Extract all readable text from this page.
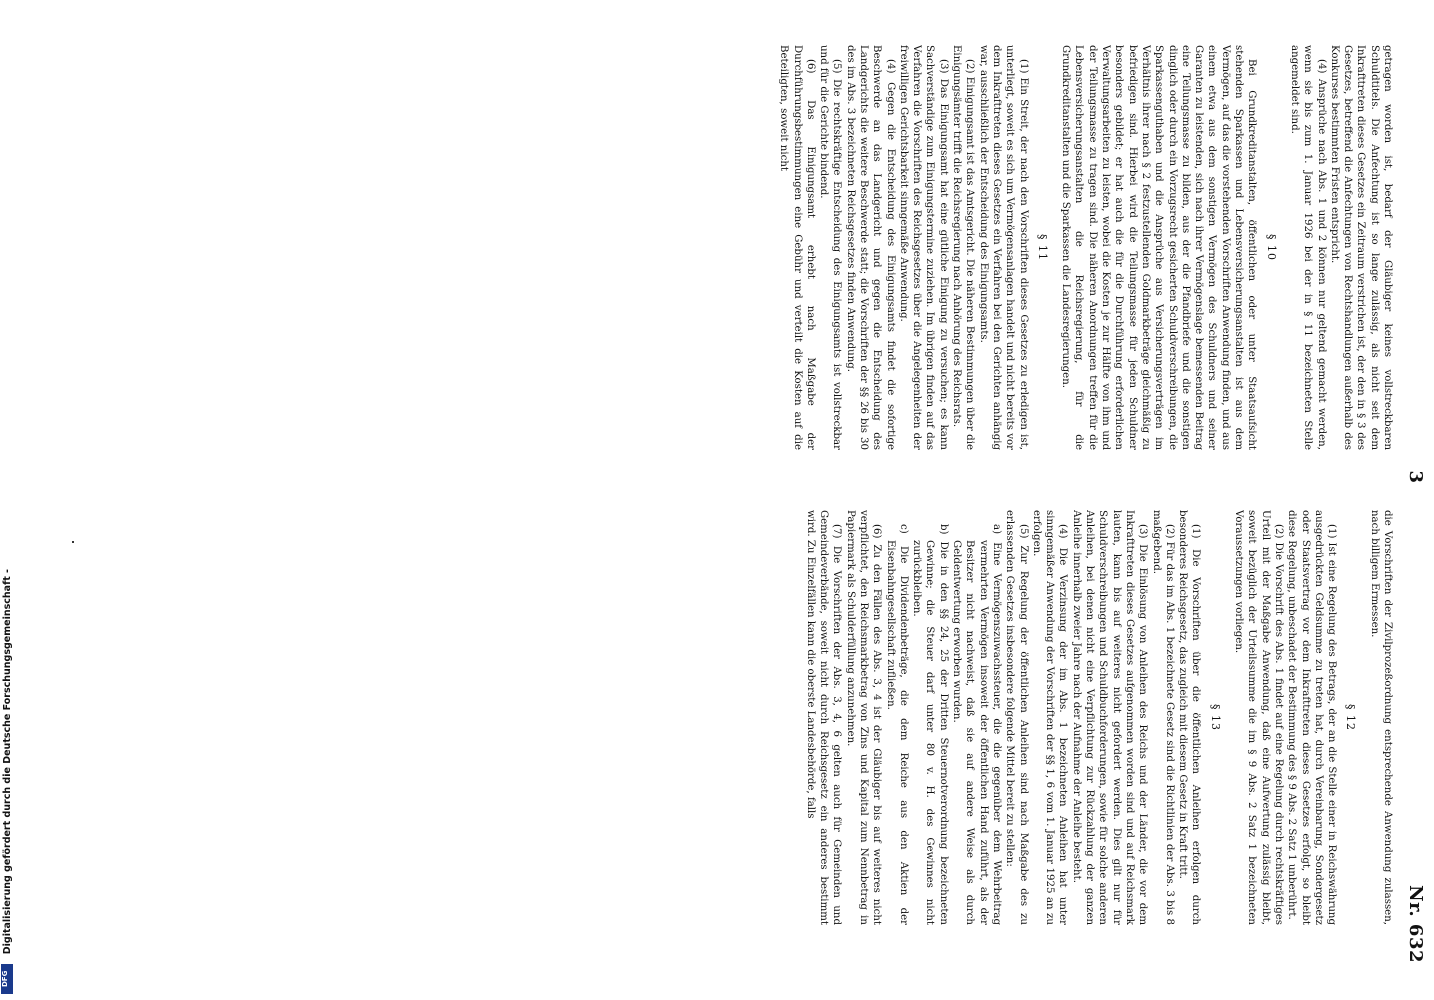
3
Nr. 632

getragen worden ist, bedarf der Gläubiger keines vollstreckbaren Schuldtitels. Die Anfechtung ist so lange zulässig, als nicht seit dem Inkrafttreten dieses Gesetzes ein Zeitraum verstrichen ist, der den in § 3 des Gesetzes, betreffend die Anfechtungen von Rechtshandlungen außerhalb des Konkurses bestimmten Fristen entspricht.

(4) Ansprüche nach Abs. 1 und 2 können nur geltend gemacht werden, wenn sie bis zum 1. Januar 1926 bei der in § 11 bezeichneten Stelle angemeldet sind.

§ 10

Bei Grundkreditanstalten, öffentlichen oder unter Staatsaufsicht stehenden Sparkassen und Lebensversicherungsanstalten ist aus dem Vermögen, auf das die vorstehenden Vorschriften Anwendung finden, und aus einem etwa aus dem sonstigen Vermögen des Schuldners und seiner Garanten zu leistenden, sich nach ihrer Vermögenslage bemessenden Beitrag eine Teilungsmasse zu bilden, aus der die Pfandbriefe und die sonstigen dinglich oder durch ein Vorzugsrecht gesicherten Schuldverschreibungen, die Sparkassenguthaben und die Ansprüche aus Versicherungsverträgen im Verhältnis ihrer nach § 2 festzustellenden Goldmarkbeträge gleichmäßig zu befriedigen sind. Hierbei wird die Teilungsmasse für jeden Schuldner besonders gebildet; er hat auch die für die Durchführung erforderlichen Verwaltungsarbeiten zu leisten, wobei die Kosten je zur Hälfte von ihm und der Teilungsmasse zu tragen sind. Die näheren Anordnungen treffen für die Lebensversicherungsanstalten die Reichsregierung, für die Grundkreditanstalten und die Sparkassen die Landesregierungen.

§ 11

(1) Ein Streit, der nach den Vorschriften dieses Gesetzes zu erledigen ist, unterliegt, soweit es sich um Vermögensanlagen handelt und nicht bereits vor dem Inkrafttreten dieses Gesetzes ein Verfahren bei den Gerichten anhängig war, ausschließlich der Entscheidung des Einigungsamts.

(2) Einigungsamt ist das Amtsgericht. Die näheren Bestimmungen über die Einigungsämter trifft die Reichsregierung nach Anhörung des Reichsrats.

(3) Das Einigungsamt hat eine gütliche Einigung zu versuchen; es kann Sachverständige zum Einigungstermine zuziehen. Im übrigen finden auf das Verfahren die Vorschriften des Reichsgesetzes über die Angelegenheiten der freiwilligen Gerichtsbarkeit sinngemäße Anwendung.

(4) Gegen die Entscheidung des Einigungsamts findet die sofortige Beschwerde an das Landgericht und gegen die Entscheidung des Landgerichts die weitere Beschwerde statt; die Vorschriften der §§ 26 bis 30 des im Abs. 3 bezeichneten Reichsgesetzes finden Anwendung.

(5) Die rechtskräftige Entscheidung des Einigungsamts ist vollstreckbar und für die Gerichte bindend.

(6) Das Einigungsamt erhebt nach Maßgabe der Durchführungsbestimmungen eine Gebühr und verteilt die Kosten auf die Beteiligten, soweit nicht

die Vorschriften der Zivilprozeßordnung entsprechende Anwendung zulassen, nach billigem Ermessen.

§ 12

(1) Ist eine Regelung des Betrags, der an die Stelle einer in Reichswährung ausgedrückten Geldsumme zu treten hat, durch Vereinbarung, Sondergesetz oder Staatsvertrag vor dem Inkrafttreten dieses Gesetzes erfolgt, so bleibt diese Regelung, unbeschadet der Bestimmung des § 9 Abs. 2 Satz 1 unberührt.

(2) Die Vorschrift des Abs. 1 findet auf eine Regelung durch rechtskräftiges Urteil mit der Maßgabe Anwendung, daß eine Aufwertung zulässig bleibt, soweit bezüglich der Urteilssumme die im § 9 Abs. 2 Satz 1 bezeichneten Voraussetzungen vorliegen.

§ 13

(1) Die Vorschriften über die öffentlichen Anleihen erfolgen durch besonderes Reichsgesetz, das zugleich mit diesem Gesetz in Kraft tritt.

(2) Für das im Abs. 1 bezeichnete Gesetz sind die Richtlinien der Abs. 3 bis 8 maßgebend.

(3) Die Einlösung von Anleihen des Reichs und der Länder, die vor dem Inkrafttreten dieses Gesetzes aufgenommen worden sind und auf Reichsmark lauten, kann bis auf weiteres nicht gefordert werden. Dies gilt nur für Schuldverschreibungen und Schuldbuchforderungen, sowie für solche anderen Anleihen, bei denen nicht eine Verpflichtung zur Rückzahlung der ganzen Anleihe innerhalb zweier Jahre nach der Aufnahme der Anleihe besteht.

(4) Die Verzinsung der im Abs. 1 bezeichneten Anleihen hat unter sinngemäßer Anwendung der Vorschriften der §§ 1, 6 vom 1. Januar 1925 an zu erfolgen.

(5) Zur Regelung der öffentlichen Anleihen sind nach Maßgabe des zu erlassenden Gesetzes insbesondere folgende Mittel bereit zu stellen:

a) Eine Vermögenszuwachssteuer, die die gegenüber dem Wehrbeitrag vermehrten Vermögen insoweit der öffentlichen Hand zuführt, als der Besitzer nicht nachweist, daß sie auf andere Weise als durch Geldentwertung erworben wurden.
b) Die in den §§ 24, 25 der Dritten Steuernotverordnung bezeichneten Gewinne; die Steuer darf unter 80 v. H. des Gewinnes nicht zurückbleiben.
c) Die Dividendenbeträge, die dem Reiche aus den Aktien der Eisenbahngesellschaft zufließen.

(6) Zu den Fällen des Abs. 3, 4 ist der Gläubiger bis auf weiteres nicht verpflichtet, den Reichsmarkbetrag von Zins und Kapital zum Nennbetrag in Papiermark als Schulderfüllung anzunehmen.

(7) Die Vorschriften der Abs. 3, 4, 6 gelten auch für Gemeinden und Gemeindeverbände, soweit nicht durch Reichsgesetz ein anderes bestimmt wird. Zu Einzelfällen kann die oberste Landesbehörde, falls

Digitalisierung gefördert durch die Deutsche Forschungsgemeinschaft -
DFG
